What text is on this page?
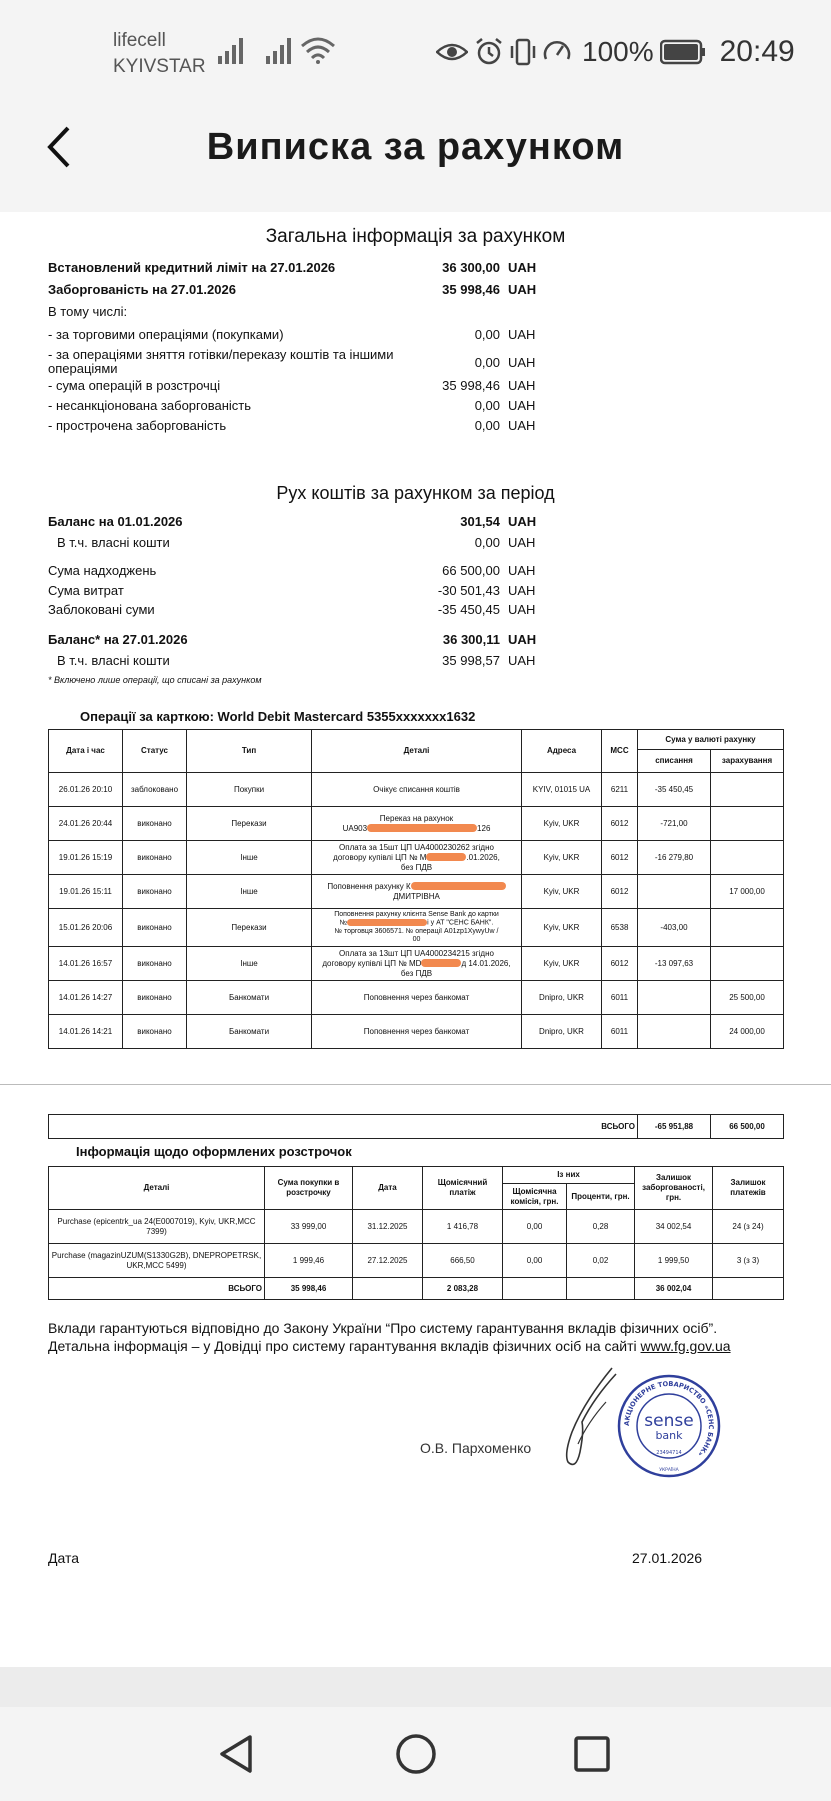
lifecell
KYIVSTAR	100% 20:49
Виписка за рахунком
Загальна інформація за рахунком
Встановлений кредитний ліміт на 27.01.2026	36 300,00 UAH
Заборгованість на 27.01.2026	35 998,46 UAH
В тому числі:
- за торговими операціями (покупками)	0,00 UAH
- за операціями зняття готівки/переказу коштів та іншими
операціями	0,00 UAH
- сума операцій в розстрочці	35 998,46 UAH
- несанкціонована заборгованість	0,00 UAH
- прострочена заборгованість	0,00 UAH
Рух коштів за рахунком за період
Баланс на 01.01.2026	301,54 UAH
В т.ч. власні кошти	0,00 UAH
Сума надходжень	66 500,00 UAH
Сума витрат	-30 501,43 UAH
Заблоковані суми	-35 450,45 UAH
Баланс* на 27.01.2026	36 300,11 UAH
В т.ч. власні кошти	35 998,57 UAH
* Включено лише операції, що списані за рахунком
Операції за карткою: World Debit Mastercard 5355xxxxxxx1632
Дата і час	Статус	Тип	Деталі	Адреса	MCC	Сума у валюті рахунку	
						списання	зарахування
26.01.26 20:10	заблоковано	Покупки	Очікує списання коштів	KYIV, 01015 UA	6211	-35 450,45	
24.01.26 20:44	виконано	Перекази	Переказ на рахунок
UA903 126	Kyiv, UKR	6012	-721,00	
19.01.26 15:19	виконано	Інше	Оплата за 15шт ЦП UA4000230262 згідно
договору купівлі ЦП № М .01.2026,
без ПДВ	Kyiv, UKR	6012	-16 279,80	
19.01.26 15:11	виконано	Інше	Поповнення рахунку К
ДМИТРІВНА	Kyiv, UKR	6012		17 000,00
15.01.26 20:06	виконано	Перекази	Поповнення рахунку клієнта Sense Bank до картки
№ і у АТ "СЕНС БАНК".
№ торговця 3606571. № операції A01zp1XywyUw /
00	Kyiv, UKR	6538	-403,00	
14.01.26 16:57	виконано	Інше	Оплата за 13шт ЦП UA4000234215 згідно
договору купівлі ЦП № MD д 14.01.2026,
без ПДВ	Kyiv, UKR	6012	-13 097,63	
14.01.26 14:27	виконано	Банкомати	Поповнення через банкомат	Dnipro, UKR	6011		25 500,00
14.01.26 14:21	виконано	Банкомати	Поповнення через банкомат	Dnipro, UKR	6011		24 000,00
ВСЬОГО	-65 951,88	66 500,00
Інформація щодо оформлених розстрочок
Деталі	Сума покупки в розстрочку	Дата	Щомісячний платіж	Із них		Залишок заборгованості, грн.	Залишок платежів
				Щомісячна комісія, грн.	Проценти, грн.		
Purchase (epicentrk_ua 24(E0007019), Kyiv, UKR,MCC 7399)	33 999,00	31.12.2025	1 416,78	0,00	0,28	34 002,54	24 (з 24)
Purchase (magazinUZUM(S1330G2B), DNEPROPETRSK, UKR,MCC 5499)	1 999,46	27.12.2025	666,50	0,00	0,02	1 999,50	3 (з 3)
ВСЬОГО	35 998,46		2 083,28			36 002,04	
Вклади гарантуються відповідно до Закону України “Про систему гарантування вкладів фізичних осіб”.
Детальна інформація – у Довідці про систему гарантування вкладів фізичних осіб на сайті www.fg.gov.ua
О.В. Пархоменко
АКЦІОНЕРНЕ ТОВАРИСТВО «СЕНС БАНК»
sense
bank
23494714
УКРАЇНА
Дата	27.01.2026
